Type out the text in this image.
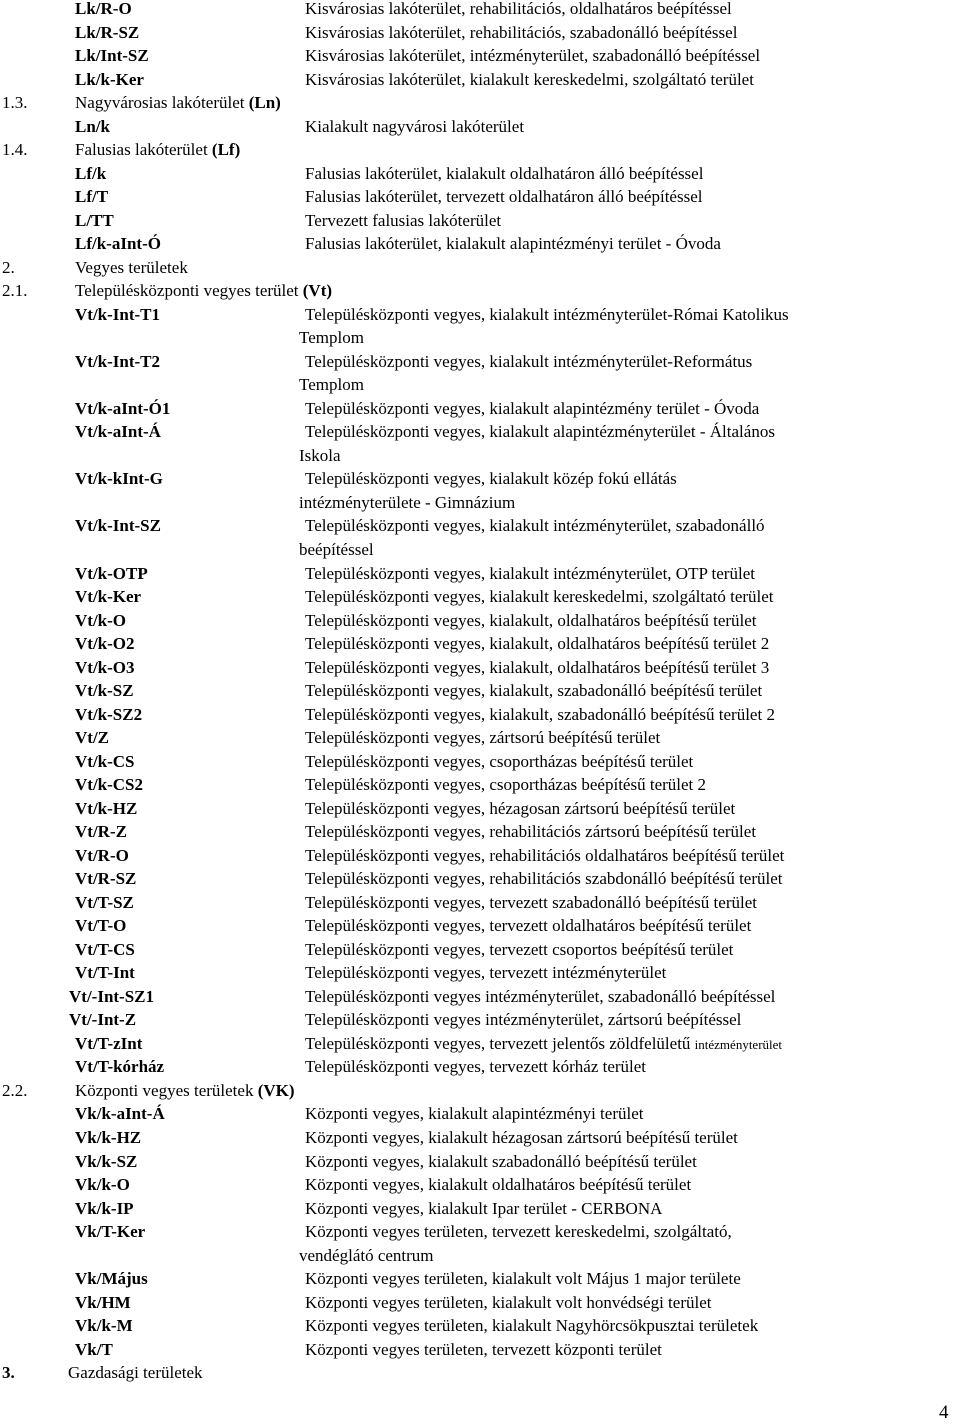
Lk/R-O	Kisvárosias lakóterület, rehabilitációs, oldalhatáros beépítéssel
Lk/R-SZ	Kisvárosias lakóterület, rehabilitációs, szabadonálló beépítéssel
Lk/Int-SZ	Kisvárosias lakóterület, intézményterület, szabadonálló beépítéssel
Lk/k-Ker	Kisvárosias lakóterület, kialakult kereskedelmi, szolgáltató terület
1.3.	Nagyvárosias lakóterület (Ln)
Ln/k	Kialakult nagyvárosi lakóterület
1.4.	Falusias lakóterület (Lf)
Lf/k	Falusias lakóterület, kialakult oldalhatáron álló beépítéssel
Lf/T	Falusias lakóterület, tervezett oldalhatáron álló beépítéssel
L/TT	Tervezett falusias lakóterület
Lf/k-aInt-Ó	Falusias lakóterület, kialakult alapintézményi terület - Óvoda
2.	Vegyes területek
2.1.	Településközponti vegyes terület (Vt)
Vt/k-Int-T1	Településközponti vegyes, kialakult intézményterület-Római Katolikus
Templom
Vt/k-Int-T2	Településközponti vegyes, kialakult intézményterület-Református
Templom
Vt/k-aInt-Ó1	Településközponti vegyes, kialakult alapintézmény terület - Óvoda
Vt/k-aInt-Á	Településközponti vegyes, kialakult alapintézményterület - Általános
Iskola
Vt/k-kInt-G	Településközponti vegyes, kialakult közép fokú ellátás
intézményterülete - Gimnázium
Vt/k-Int-SZ	Településközponti vegyes, kialakult intézményterület, szabadonálló
beépítéssel
Vt/k-OTP	Településközponti vegyes, kialakult intézményterület, OTP terület
Vt/k-Ker	Településközponti vegyes, kialakult kereskedelmi, szolgáltató terület
Vt/k-O	Településközponti vegyes, kialakult, oldalhatáros beépítésű terület
Vt/k-O2	Településközponti vegyes, kialakult, oldalhatáros beépítésű terület 2
Vt/k-O3	Településközponti vegyes, kialakult, oldalhatáros beépítésű terület 3
Vt/k-SZ	Településközponti vegyes, kialakult, szabadonálló beépítésű terület
Vt/k-SZ2	Településközponti vegyes, kialakult, szabadonálló beépítésű terület 2
Vt/Z	Településközponti vegyes, zártsorú beépítésű terület
Vt/k-CS	Településközponti vegyes, csoportházas beépítésű terület
Vt/k-CS2	Településközponti vegyes, csoportházas beépítésű terület 2
Vt/k-HZ	Településközponti vegyes, hézagosan zártsorú beépítésű terület
Vt/R-Z	Településközponti vegyes, rehabilitációs zártsorú beépítésű terület
Vt/R-O	Településközponti vegyes, rehabilitációs oldalhatáros beépítésű terület
Vt/R-SZ	Településközponti vegyes, rehabilitációs szabdonálló beépítésű terület
Vt/T-SZ	Településközponti vegyes, tervezett szabadonálló beépítésű terület
Vt/T-O	Településközponti vegyes, tervezett oldalhatáros beépítésű terület
Vt/T-CS	Településközponti vegyes, tervezett csoportos beépítésű terület
Vt/T-Int	Településközponti vegyes, tervezett intézményterület
Vt/-Int-SZ1	Településközponti vegyes intézményterület, szabadonálló beépítéssel
Vt/-Int-Z	Településközponti vegyes intézményterület, zártsorú beépítéssel
Vt/T-zInt	Településközponti vegyes, tervezett jelentős zöldfelületű intézményterület
Vt/T-kórház	Településközponti vegyes, tervezett kórház terület
2.2.	Központi vegyes területek (VK)
Vk/k-aInt-Á	Központi vegyes, kialakult alapintézményi terület
Vk/k-HZ	Központi vegyes, kialakult hézagosan zártsorú beépítésű terület
Vk/k-SZ	Központi vegyes, kialakult szabadonálló beépítésű terület
Vk/k-O	Központi vegyes, kialakult oldalhatáros beépítésű terület
Vk/k-IP	Központi vegyes, kialakult Ipar terület - CERBONA
Vk/T-Ker	Központi vegyes területen, tervezett kereskedelmi, szolgáltató,
vendéglátó centrum
Vk/Május	Központi vegyes területen, kialakult volt Május 1 major területe
Vk/HM	Központi vegyes területen, kialakult volt honvédségi terület
Vk/k-M	Központi vegyes területen, kialakult Nagyhörcsökpusztai területek
Vk/T	Központi vegyes területen, tervezett központi terület
3.	Gazdasági területek
4
